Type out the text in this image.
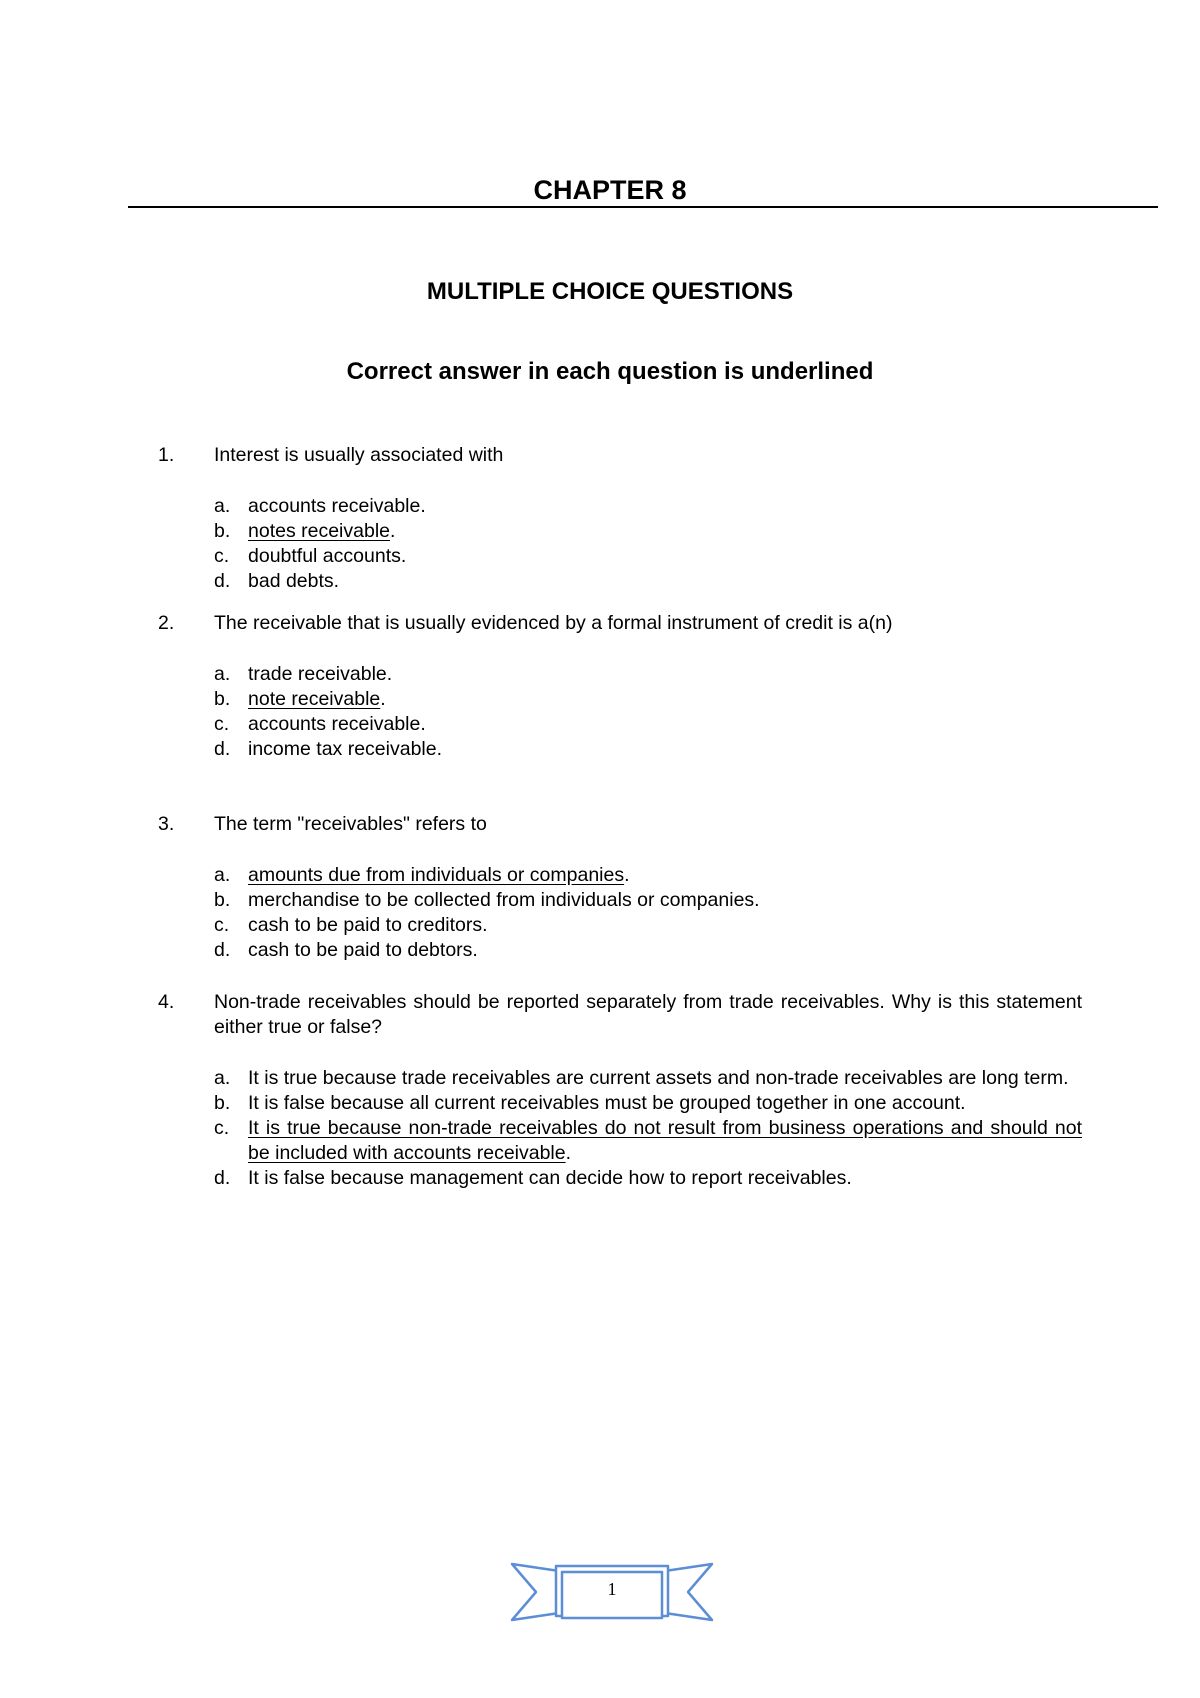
CHAPTER 8
MULTIPLE CHOICE QUESTIONS
Correct answer in each question is underlined
1. Interest is usually associated with
a. accounts receivable.
b. notes receivable.
c. doubtful accounts.
d. bad debts.
2. The receivable that is usually evidenced by a formal instrument of credit is a(n)
a. trade receivable.
b. note receivable.
c. accounts receivable.
d. income tax receivable.
3. The term "receivables" refers to
a. amounts due from individuals or companies.
b. merchandise to be collected from individuals or companies.
c. cash to be paid to creditors.
d. cash to be paid to debtors.
4. Non-trade receivables should be reported separately from trade receivables. Why is this statement either true or false?
a. It is true because trade receivables are current assets and non-trade receivables are long term.
b. It is false because all current receivables must be grouped together in one account.
c. It is true because non-trade receivables do not result from business operations and should not be included with accounts receivable.
d. It is false because management can decide how to report receivables.
1
